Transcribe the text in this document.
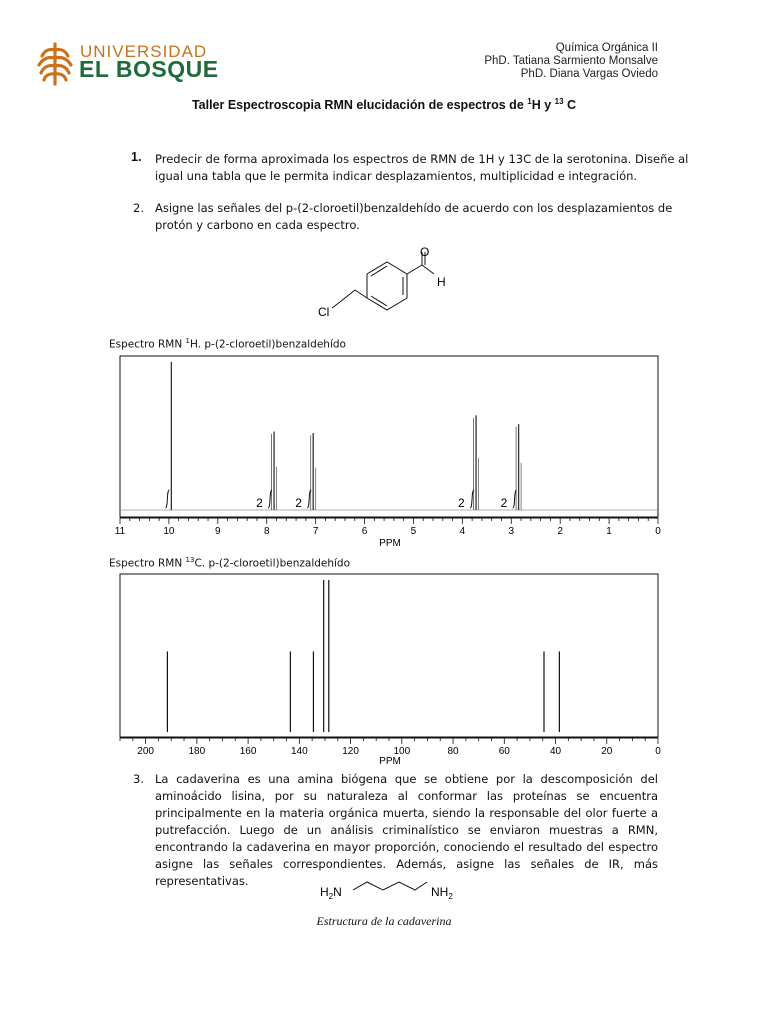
UNIVERSIDAD
EL BOSQUE
Química Orgánica II
PhD. Tatiana Sarmiento Monsalve
PhD. Diana Vargas Oviedo
Taller Espectroscopia RMN elucidación de espectros de $^1$H y $^{13}$ C
1. Predecir de forma aproximada los espectros de RMN de 1H y 13C de la serotonina. Diseñe al
igual una tabla que le permita indicar desplazamientos, multiplicidad e integración.
2. Asigne las señales del p-(2-cloroetil)benzaldehído de acuerdo con los desplazamientos de
protón y carbono en cada espectro.
O
H
Cl
Espectro RMN $^1$H. p-(2-cloroetil)benzaldehído
2	2	2	2
11	10	9	8	7	6	5	4	3	2	1	0
PPM
Espectro RMN $^{13}$C. p-(2-cloroetil)benzaldehído
200	180	160	140	120	100	80	60	40	20	0
PPM
3. La cadaverina es una amina biógena que se obtiene por la descomposición del aminoácido lisina, por su naturaleza al conformar las proteínas se encuentra principalmente en la materia orgánica muerta, siendo la responsable del olor fuerte a putrefacción. Luego de un análisis criminalístico se enviaron muestras a RMN, encontrando la cadaverina en mayor proporción, conociendo el resultado del espectro asigne las señales correspondientes. Además, asigne las señales de IR, más representativas.
$H_2N$	$NH_2$
Estructura de la cadaverina
